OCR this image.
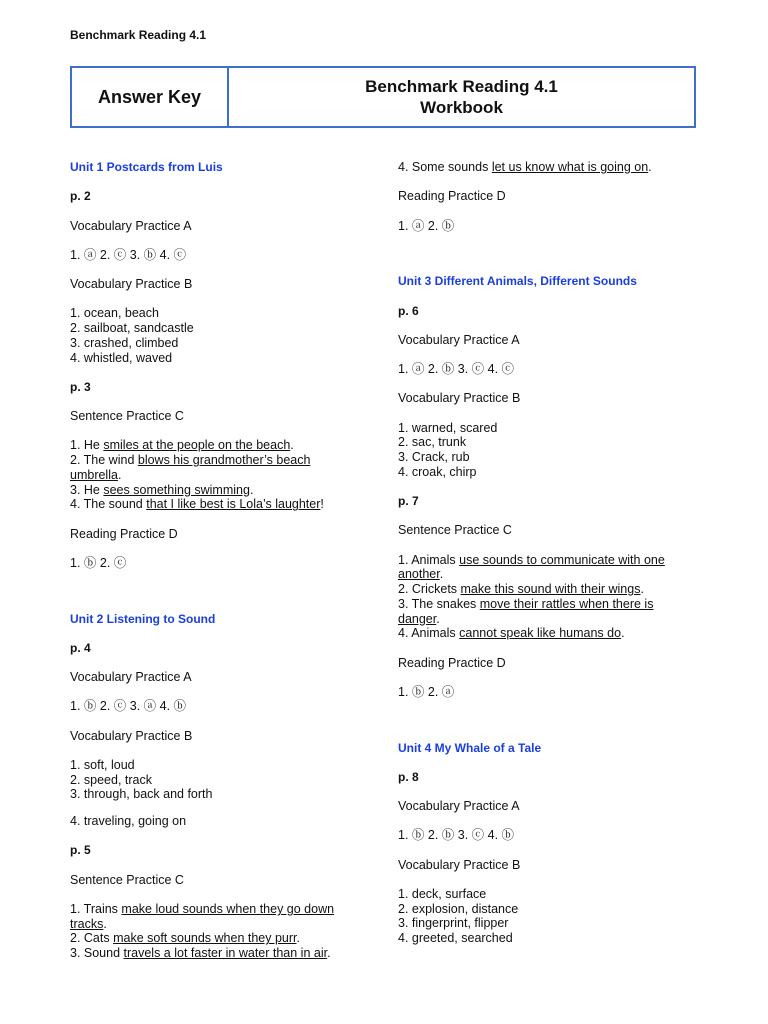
Benchmark Reading 4.1
Answer Key	Benchmark Reading 4.1
Workbook
Unit 1 Postcards from Luis
p. 2
Vocabulary Practice A
1. ⓐ 2. ⓒ 3. ⓑ 4. ⓒ
Vocabulary Practice B
1. ocean, beach
2. sailboat, sandcastle
3. crashed, climbed
4. whistled, waved
p. 3
Sentence Practice C
1. He smiles at the people on the beach.
2. The wind blows his grandmother’s beach
umbrella.
3. He sees something swimming.
4. The sound that I like best is Lola’s laughter!
Reading Practice D
1. ⓑ 2. ⓒ
Unit 2 Listening to Sound
p. 4
Vocabulary Practice A
1. ⓑ 2. ⓒ 3. ⓐ 4. ⓑ
Vocabulary Practice B
1. soft, loud
2. speed, track
3. through, back and forth
4. traveling, going on
p. 5
Sentence Practice C
1. Trains make loud sounds when they go down
tracks.
2. Cats make soft sounds when they purr.
3. Sound travels a lot faster in water than in air.
4. Some sounds let us know what is going on.
Reading Practice D
1. ⓐ 2. ⓑ
Unit 3 Different Animals, Different Sounds
p. 6
Vocabulary Practice A
1. ⓐ 2. ⓑ 3. ⓒ 4. ⓒ
Vocabulary Practice B
1. warned, scared
2. sac, trunk
3. Crack, rub
4. croak, chirp
p. 7
Sentence Practice C
1. Animals use sounds to communicate with one
another.
2. Crickets make this sound with their wings.
3. The snakes move their rattles when there is
danger.
4. Animals cannot speak like humans do.
Reading Practice D
1. ⓑ 2. ⓐ
Unit 4 My Whale of a Tale
p. 8
Vocabulary Practice A
1. ⓑ 2. ⓑ 3. ⓒ 4. ⓑ
Vocabulary Practice B
1. deck, surface
2. explosion, distance
3. fingerprint, flipper
4. greeted, searched
